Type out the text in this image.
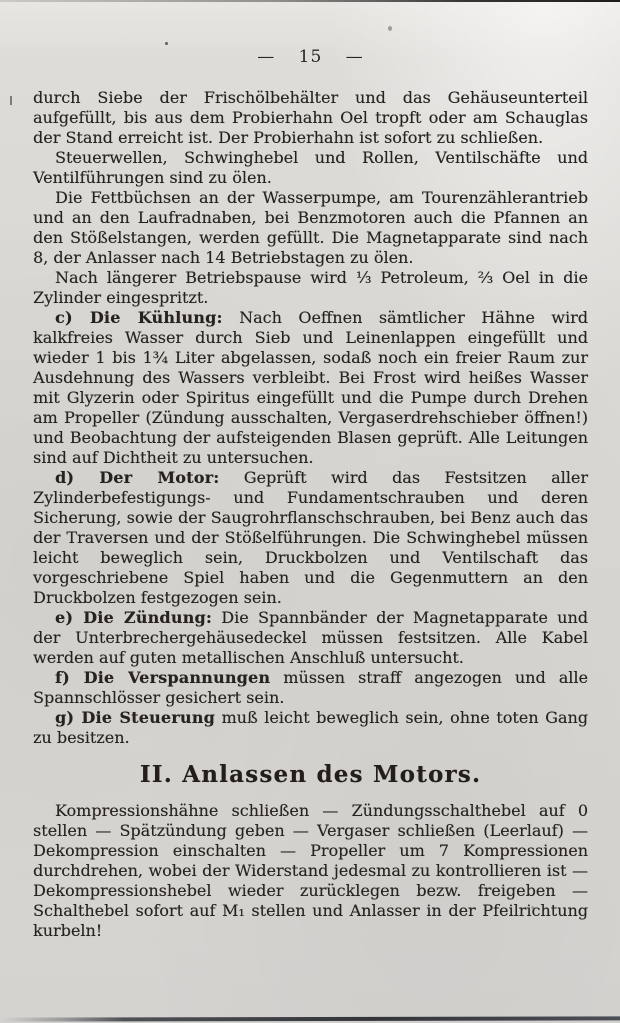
— 15 —

durch Siebe der Frischölbehälter und das Gehäuseunterteil aufgefüllt, bis aus dem Probierhahn Oel tropft oder am Schauglas der Stand erreicht ist. Der Probierhahn ist sofort zu schließen.

Steuerwellen, Schwinghebel und Rollen, Ventilschäfte und Ventilführungen sind zu ölen.

Die Fettbüchsen an der Wasserpumpe, am Tourenzählerantrieb und an den Laufradnaben, bei Benzmotoren auch die Pfannen an den Stößelstangen, werden gefüllt. Die Magnetapparate sind nach 8, der Anlasser nach 14 Betriebstagen zu ölen.

Nach längerer Betriebspause wird ⅓ Petroleum, ⅔ Oel in die Zylinder eingespritzt.

c) Die Kühlung: Nach Oeffnen sämtlicher Hähne wird kalkfreies Wasser durch Sieb und Leinenlappen eingefüllt und wieder 1 bis 1¾ Liter abgelassen, sodaß noch ein freier Raum zur Ausdehnung des Wassers verbleibt. Bei Frost wird heißes Wasser mit Glyzerin oder Spiritus eingefüllt und die Pumpe durch Drehen am Propeller (Zündung ausschalten, Vergaserdrehschieber öffnen!) und Beobachtung der aufsteigenden Blasen geprüft. Alle Leitungen sind auf Dichtheit zu untersuchen.

d) Der Motor: Geprüft wird das Festsitzen aller Zylinderbefestigungs- und Fundamentschrauben und deren Sicherung, sowie der Saugrohrflanschschrauben, bei Benz auch das der Traversen und der Stößelführungen. Die Schwinghebel müssen leicht beweglich sein, Druckbolzen und Ventilschaft das vorgeschriebene Spiel haben und die Gegenmuttern an den Druckbolzen festgezogen sein.

e) Die Zündung: Die Spannbänder der Magnetapparate und der Unterbrechergehäusedeckel müssen festsitzen. Alle Kabel werden auf guten metallischen Anschluß untersucht.

f) Die Verspannungen müssen straff angezogen und alle Spannschlösser gesichert sein.

g) Die Steuerung muß leicht beweglich sein, ohne toten Gang zu besitzen.

II. Anlassen des Motors.

Kompressionshähne schließen — Zündungsschalthebel auf 0 stellen — Spätzündung geben — Vergaser schließen (Leerlauf) — Dekompression einschalten — Propeller um 7 Kompressionen durchdrehen, wobei der Widerstand jedesmal zu kontrollieren ist — Dekompressionshebel wieder zurücklegen bezw. freigeben — Schalthebel sofort auf M₁ stellen und Anlasser in der Pfeilrichtung kurbeln!
